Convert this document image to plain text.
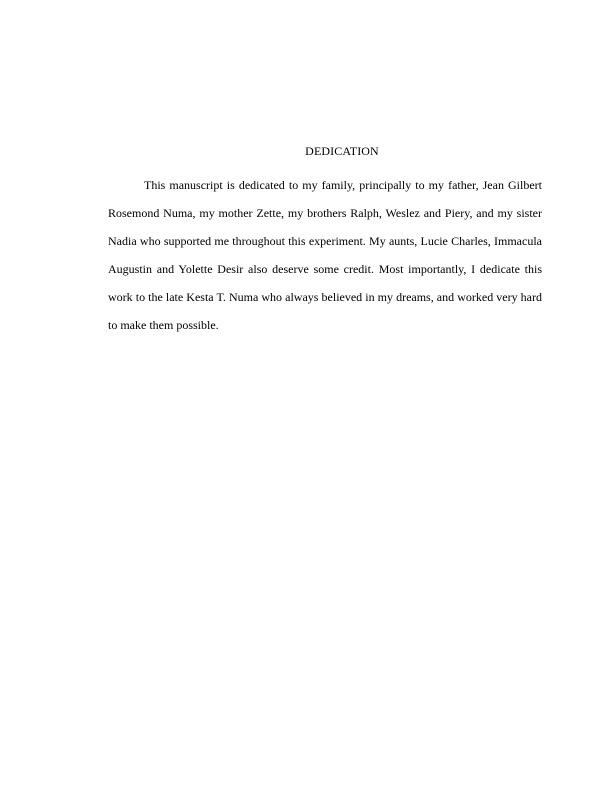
DEDICATION

This manuscript is dedicated to my family, principally to my father, Jean Gilbert Rosemond Numa, my mother Zette, my brothers Ralph, Weslez and Piery, and my sister Nadia who supported me throughout this experiment. My aunts, Lucie Charles, Immacula Augustin and Yolette Desir also deserve some credit. Most importantly, I dedicate this work to the late Kesta T. Numa who always believed in my dreams, and worked very hard to make them possible.
